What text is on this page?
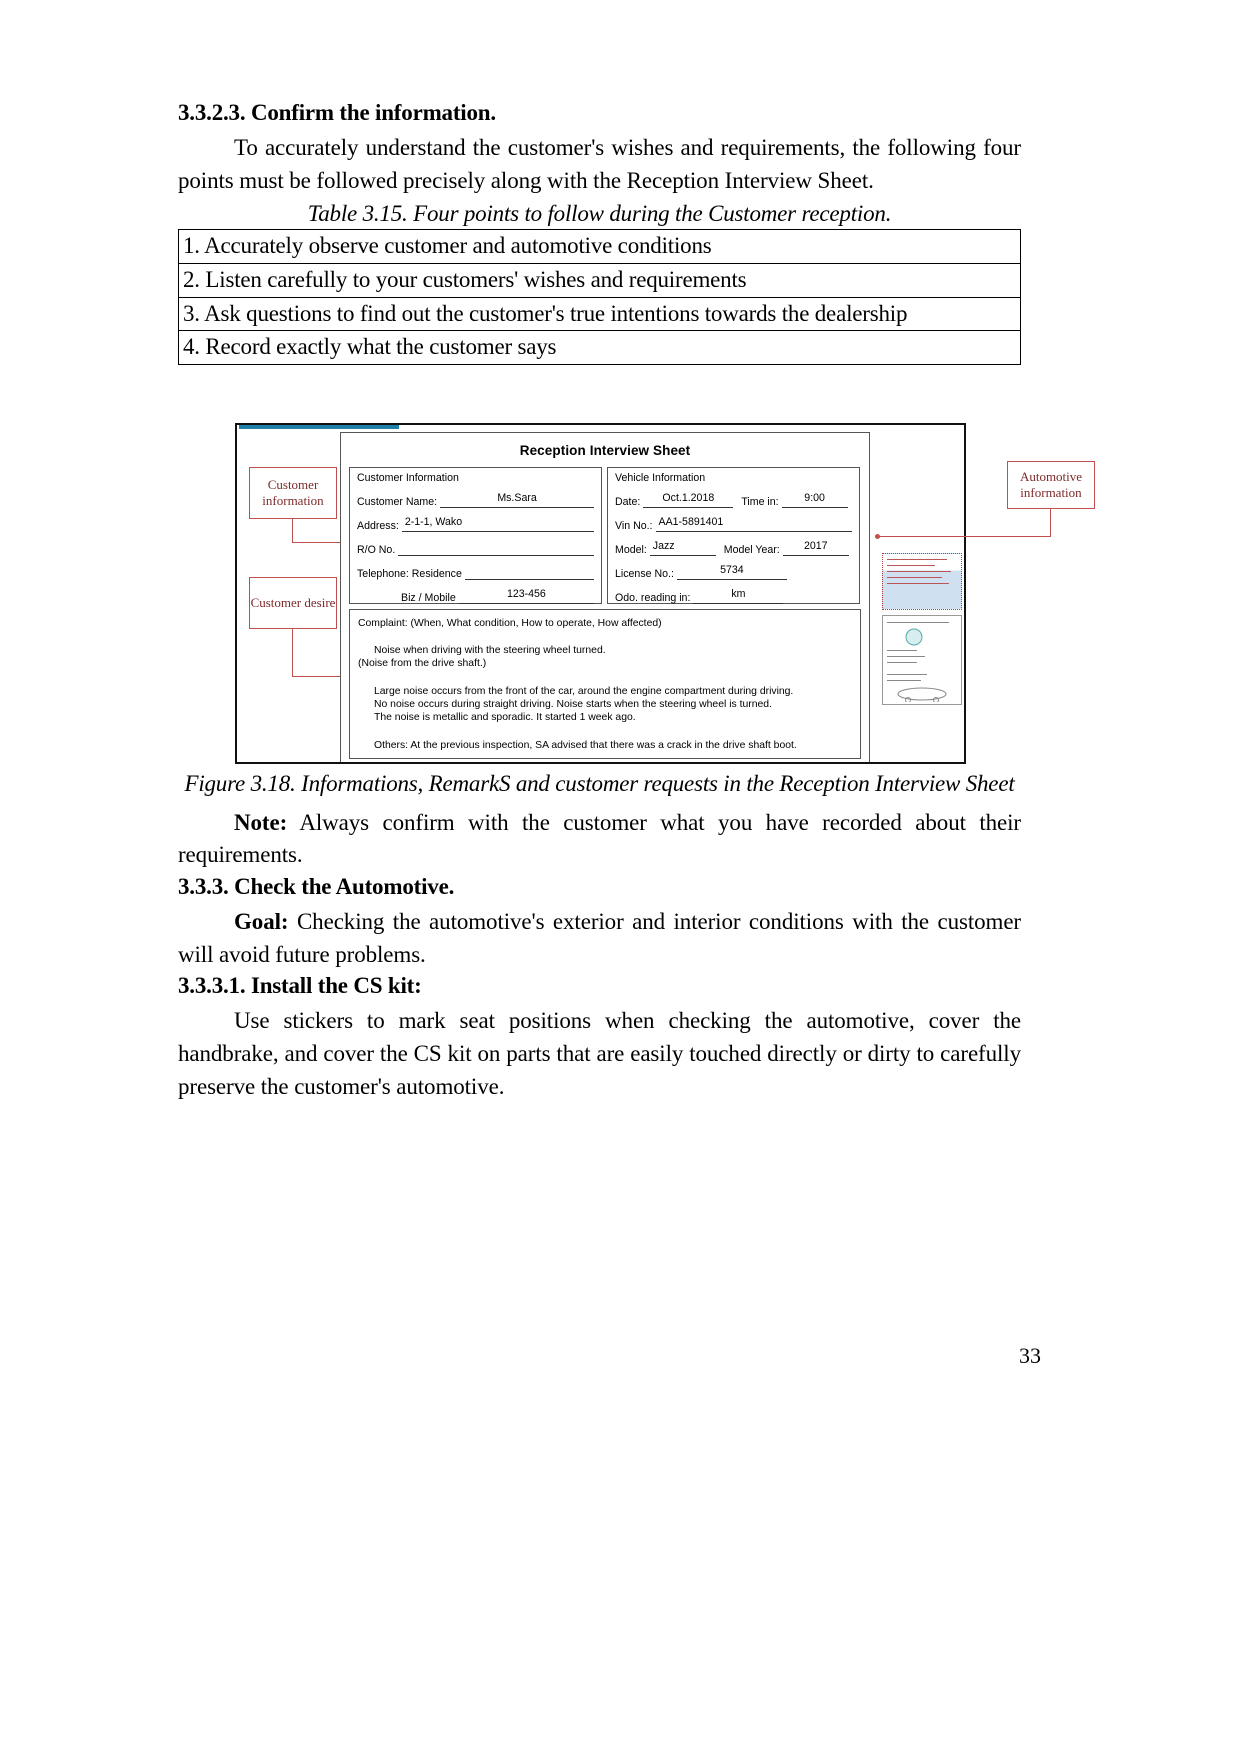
3.3.2.3. Confirm the information.

To accurately understand the customer's wishes and requirements, the following four points must be followed precisely along with the Reception Interview Sheet.

Table 3.15. Four points to follow during the Customer reception.
1. Accurately observe customer and automotive conditions
2. Listen carefully to your customers' wishes and requirements
3. Ask questions to find out the customer's true intentions towards the dealership
4. Record exactly what the customer says
Customer information
Customer desire
Reception Interview Sheet
Customer Information
Customer Name:	Ms.Sara
Address: 2-1-1, Wako
R/O No.
Telephone: Residence
Biz / Mobile	123-456
Vehicle Information
Date:	Oct.1.2018	Time in:	9:00
Vin No.: AA1-5891401
Model: Jazz	Model Year:	2017
License No.:	5734
Odo. reading in:	km
Complaint: (When, What condition, How to operate, How affected)
Noise when driving with the steering wheel turned.
(Noise from the drive shaft.)
Large noise occurs from the front of the car, around the engine compartment during driving.
No noise occurs during straight driving. Noise starts when the steering wheel is turned.
The noise is metallic and sporadic. It started 1 week ago.
Others: At the previous inspection, SA advised that there was a crack in the drive shaft boot.
Automotive information
Figure 3.18. Informations, RemarkS and customer requests in the Reception Interview Sheet

Note: Always confirm with the customer what you have recorded about their requirements.

3.3.3. Check the Automotive.

Goal: Checking the automotive's exterior and interior conditions with the customer will avoid future problems.

3.3.3.1. Install the CS kit:

Use stickers to mark seat positions when checking the automotive, cover the handbrake, and cover the CS kit on parts that are easily touched directly or dirty to carefully preserve the customer's automotive.

33
